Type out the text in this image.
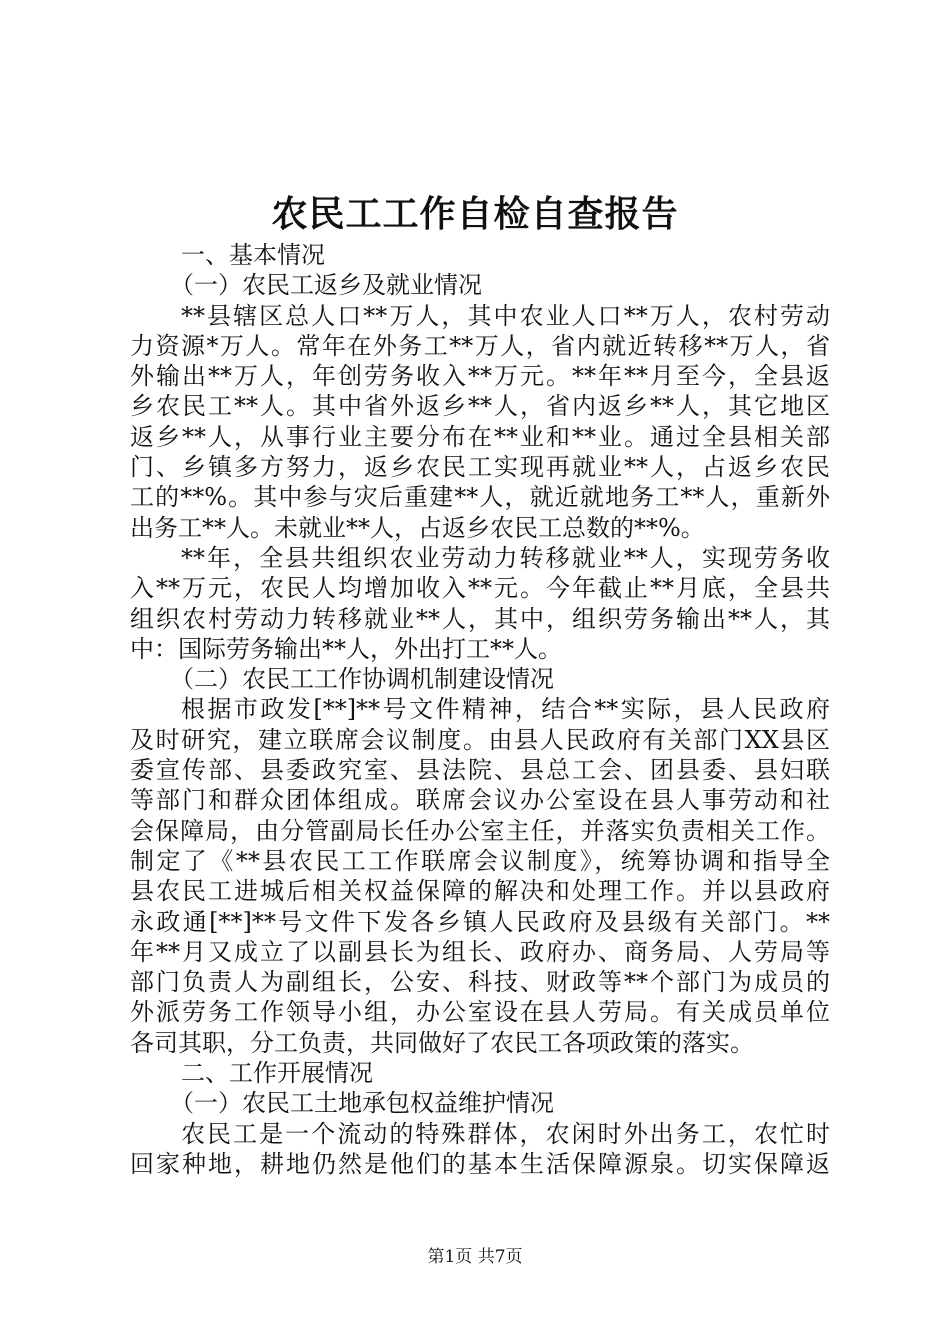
农民工工作自检自查报告
一、基本情况
（一）农民工返乡及就业情况
**县辖区总人口**万人，其中农业人口**万人，农村劳动
力资源*万人。常年在外务工**万人，省内就近转移**万人，省
外输出**万人，年创劳务收入**万元。**年**月至今，全县返
乡农民工**人。其中省外返乡**人，省内返乡**人，其它地区
返乡**人，从事行业主要分布在**业和**业。通过全县相关部
门、乡镇多方努力，返乡农民工实现再就业**人，占返乡农民
工的**%。其中参与灾后重建**人，就近就地务工**人，重新外
出务工**人。未就业**人，占返乡农民工总数的**%。
**年，全县共组织农业劳动力转移就业**人，实现劳务收
入**万元，农民人均增加收入**元。今年截止**月底，全县共
组织农村劳动力转移就业**人，其中，组织劳务输出**人，其
中：国际劳务输出**人，外出打工**人。
（二）农民工工作协调机制建设情况
根据市政发[**]**号文件精神，结合**实际，县人民政府
及时研究，建立联席会议制度。由县人民政府有关部门XX县区
委宣传部、县委政究室、县法院、县总工会、团县委、县妇联
等部门和群众团体组成。联席会议办公室设在县人事劳动和社
会保障局，由分管副局长任办公室主任，并落实负责相关工作。
制定了《**县农民工工作联席会议制度》，统筹协调和指导全
县农民工进城后相关权益保障的解决和处理工作。并以县政府
永政通[**]**号文件下发各乡镇人民政府及县级有关部门。**
年**月又成立了以副县长为组长、政府办、商务局、人劳局等
部门负责人为副组长，公安、科技、财政等**个部门为成员的
外派劳务工作领导小组，办公室设在县人劳局。有关成员单位
各司其职，分工负责，共同做好了农民工各项政策的落实。
二、工作开展情况
（一）农民工土地承包权益维护情况
农民工是一个流动的特殊群体，农闲时外出务工，农忙时
回家种地，耕地仍然是他们的基本生活保障源泉。切实保障返
第1页 共7页
